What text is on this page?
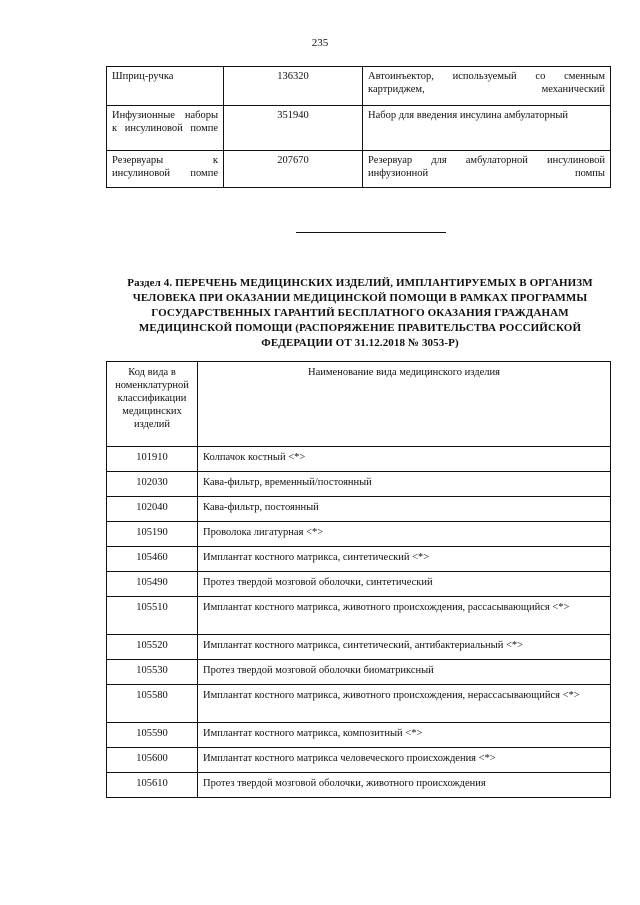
235
Шприц-ручка	136320	Автоинъектор, используемый со сменным картриджем, механический
Инфузионные наборы к инсулиновой помпе	351940	Набор для введения инсулина амбулаторный
Резервуары к инсулиновой помпе	207670	Резервуар для амбулаторной инсулиновой инфузионной помпы
Раздел 4. ПЕРЕЧЕНЬ МЕДИЦИНСКИХ ИЗДЕЛИЙ, ИМПЛАНТИРУЕМЫХ В ОРГАНИЗМ ЧЕЛОВЕКА ПРИ ОКАЗАНИИ МЕДИЦИНСКОЙ ПОМОЩИ В РАМКАХ ПРОГРАММЫ ГОСУДАРСТВЕННЫХ ГАРАНТИЙ БЕСПЛАТНОГО ОКАЗАНИЯ ГРАЖДАНАМ МЕДИЦИНСКОЙ ПОМОЩИ (РАСПОРЯЖЕНИЕ ПРАВИТЕЛЬСТВА РОССИЙСКОЙ ФЕДЕРАЦИИ ОТ 31.12.2018 № 3053-Р)
Код вида в номенклатурной классификации медицинских изделий	Наименование вида медицинского изделия
101910	Колпачок костный <*>
102030	Кава-фильтр, временный/постоянный
102040	Кава-фильтр, постоянный
105190	Проволока лигатурная <*>
105460	Имплантат костного матрикса, синтетический <*>
105490	Протез твердой мозговой оболочки, синтетический
105510	Имплантат костного матрикса, животного происхождения, рассасывающийся <*>
105520	Имплантат костного матрикса, синтетический, антибактериальный <*>
105530	Протез твердой мозговой оболочки биоматриксный
105580	Имплантат костного матрикса, животного происхождения, нерассасывающийся <*>
105590	Имплантат костного матрикса, композитный <*>
105600	Имплантат костного матрикса человеческого происхождения <*>
105610	Протез твердой мозговой оболочки, животного происхождения
